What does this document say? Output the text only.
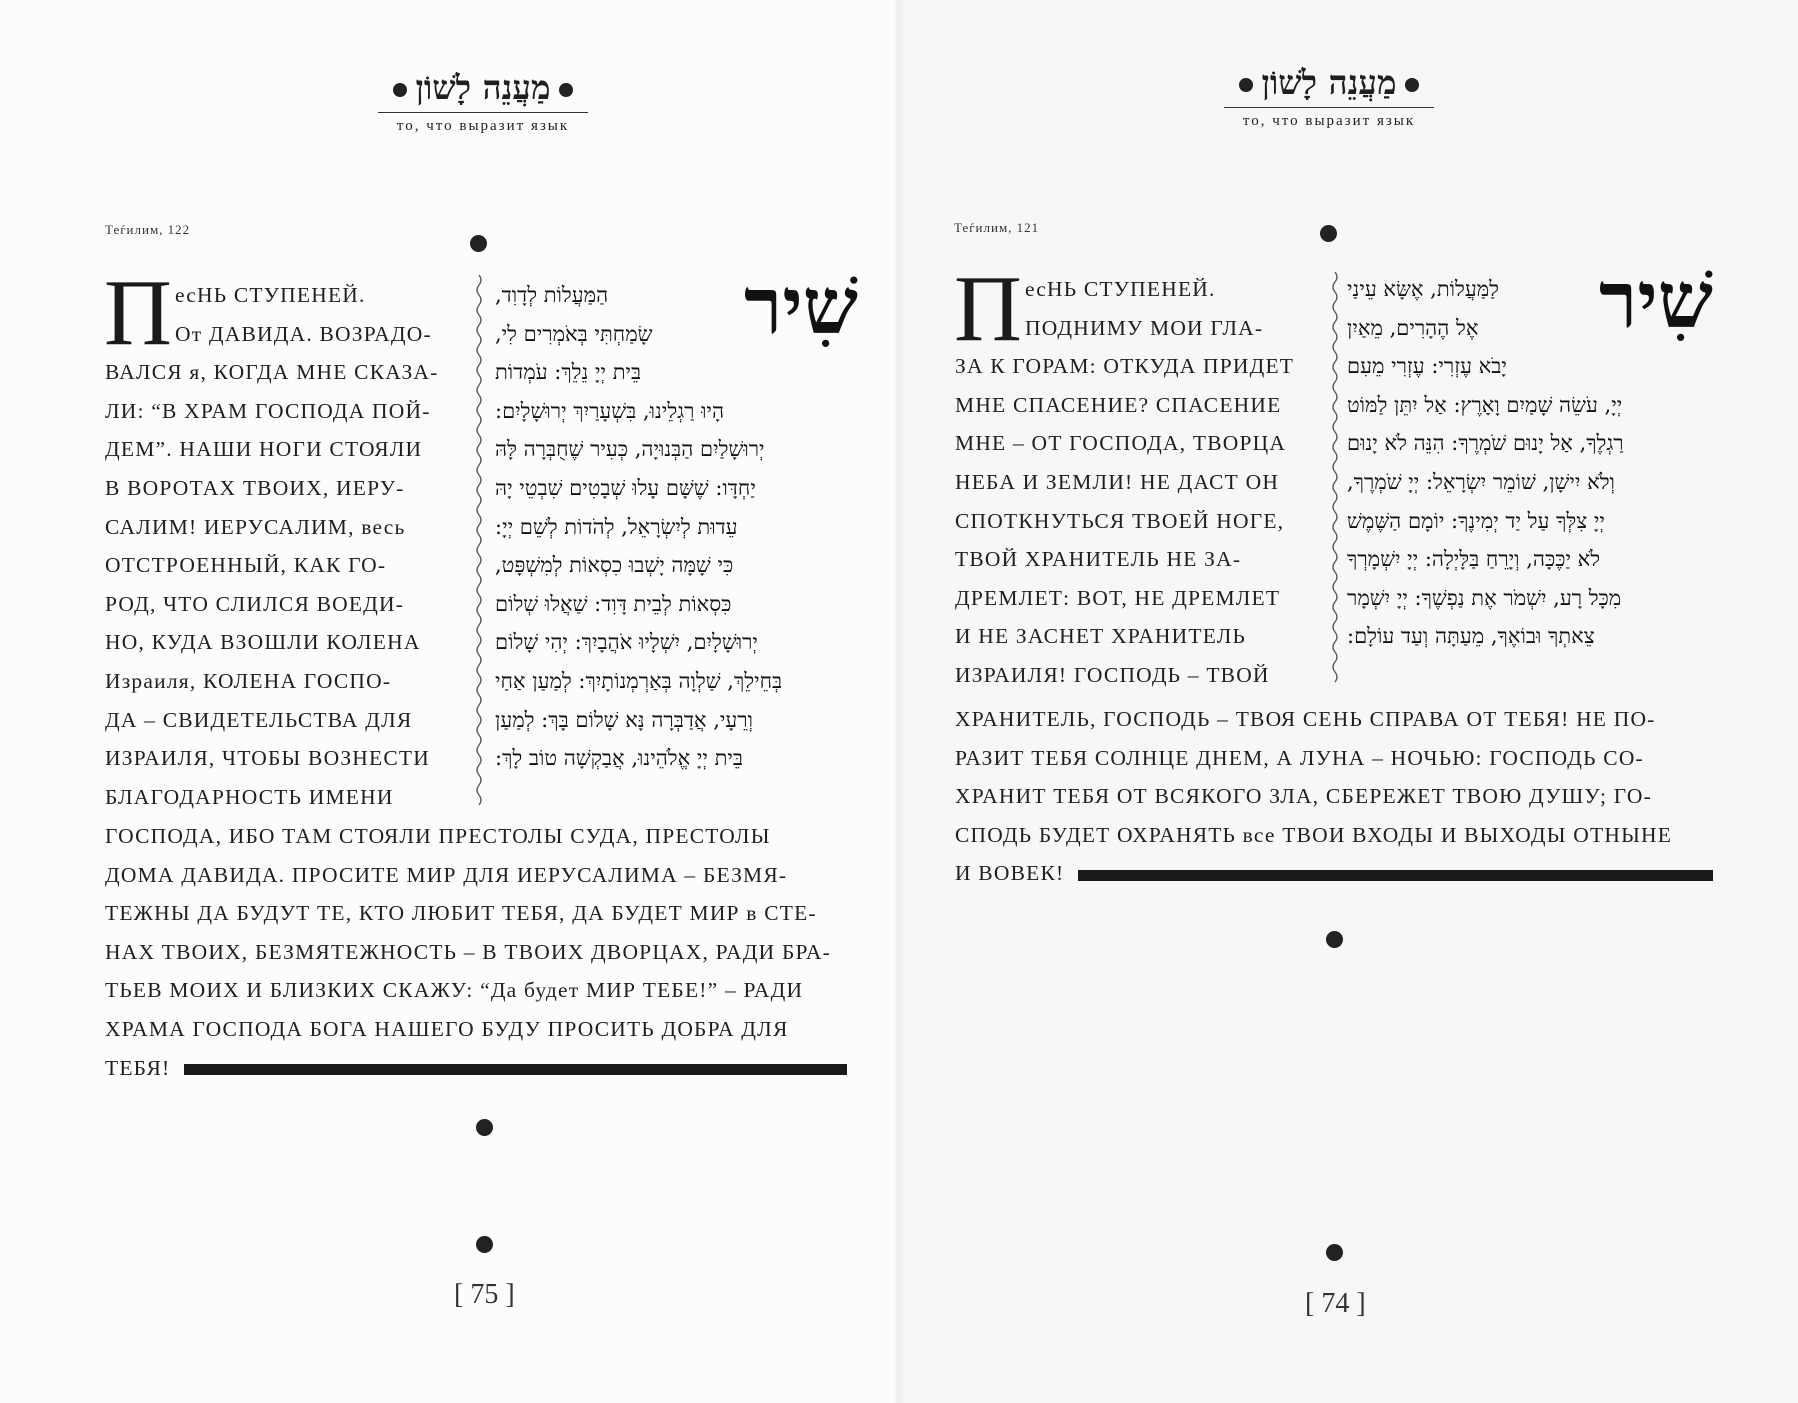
מַעֲנֵה לָשׁוֹן
то, что выразит язык
Теѓилим, 122
П есНЬ СТУПЕНЕЙ.
От ДАВИДА. ВОЗРАДО-
ВАЛСЯ я, КОГДА МНЕ СКАЗА-
ЛИ: “В ХРАМ ГОСПОДА ПОЙ-
ДЕМ”. НАШИ НОГИ СТОЯЛИ
В ВОРОТАХ ТВОИХ, ИЕРУ-
САЛИМ! ИЕРУСАЛИМ, весь
ОТСТРОЕННЫЙ, КАК ГО-
РОД, ЧТО СЛИЛСЯ ВОЕДИ-
НО, КУДА ВЗОШЛИ КОЛЕНА
Израиля, КОЛЕНА ГОСПО-
ДА – СВИДЕТЕЛЬСТВА ДЛЯ
ИЗРАИЛЯ, ЧТОБЫ ВОЗНЕСТИ
БЛАГОДАРНОСТЬ ИМЕНИ
שִׁיר
הַמַּעֲלוֹת לְדָוִד,
שָׂמַחְתִּי בְּאֹמְרִים לִי,
בֵּית יְיָ נֵלֵךְ: עֹמְדוֹת
הָיוּ רַגְלֵינוּ, בִּשְׁעָרַיִךְ יְרוּשָׁלָיִם:
יְרוּשָׁלַיִם הַבְּנוּיָה, כְּעִיר שֶׁחֻבְּרָה לָּהּ
יַחְדָּו: שֶׁשָּׁם עָלוּ שְׁבָטִים שִׁבְטֵי יָהּ
עֵדוּת לְיִשְׂרָאֵל, לְהֹדוֹת לְשֵׁם יְיָ:
כִּי שָׁמָּה יָשְׁבוּ כִסְאוֹת לְמִשְׁפָּט,
כִּסְאוֹת לְבֵית דָּוִד: שַׁאֲלוּ שְׁלוֹם
יְרוּשָׁלָיִם, יִשְׁלָיוּ אֹהֲבָיִךְ: יְהִי שָׁלוֹם
בְּחֵילֵךְ, שַׁלְוָה בְּאַרְמְנוֹתָיִךְ: לְמַעַן אַחַי
וְרֵעָי, אֲדַבְּרָה נָּא שָׁלוֹם בָּךְ: לְמַעַן
בֵּית יְיָ אֱלֹהֵינוּ, אֲבַקְשָׁה טוֹב לָךְ:
ГОСПОДА, ИБО ТАМ СТОЯЛИ ПРЕСТОЛЫ СУДА, ПРЕСТОЛЫ
ДОМА ДАВИДА. ПРОСИТЕ МИР ДЛЯ ИЕРУСАЛИМА – БЕЗМЯ-
ТЕЖНЫ ДА БУДУТ ТЕ, КТО ЛЮБИТ ТЕБЯ, ДА БУДЕТ МИР в СТЕ-
НАХ ТВОИХ, БЕЗМЯТЕЖНОСТЬ – В ТВОИХ ДВОРЦАХ, РАДИ БРА-
ТЬЕВ МОИХ И БЛИЗКИХ СКАЖУ: “Да будет МИР ТЕБЕ!” – РАДИ
ХРАМА ГОСПОДА БОГА НАШЕГО БУДУ ПРОСИТЬ ДОБРА ДЛЯ
ТЕБЯ!
[ 75 ]
מַעֲנֵה לָשׁוֹן
то, что выразит язык
Теѓилим, 121
П есНЬ СТУПЕНЕЙ.
ПОДНИМУ МОИ ГЛА-
ЗА К ГОРАМ: ОТКУДА ПРИДЕТ
МНЕ СПАСЕНИЕ? СПАСЕНИЕ
МНЕ – ОТ ГОСПОДА, ТВОРЦА
НЕБА И ЗЕМЛИ! НЕ ДАСТ ОН
СПОТКНУТЬСЯ ТВОЕЙ НОГЕ,
ТВОЙ ХРАНИТЕЛЬ НЕ ЗА-
ДРЕМЛЕТ: ВОТ, НЕ ДРЕМЛЕТ
И НЕ ЗАСНЕТ ХРАНИТЕЛЬ
ИЗРАИЛЯ! ГОСПОДЬ – ТВОЙ
שִׁיר
לַמַּעֲלוֹת, אֶשָּׂא עֵינַי
אֶל הֶהָרִים, מֵאַיִן
יָבֹא עֶזְרִי: עֶזְרִי מֵעִם
יְיָ, עֹשֵׂה שָׁמַיִם וָאָרֶץ: אַל יִתֵּן לַמּוֹט
רַגְלֶךָ, אַל יָנוּם שֹׁמְרֶךָ: הִנֵּה לֹא יָנוּם
וְלֹא יִישָׁן, שׁוֹמֵר יִשְׂרָאֵל: יְיָ שֹׁמְרֶךָ,
יְיָ צִלְּךָ עַל יַד יְמִינֶךָ: יוֹמָם הַשֶּׁמֶשׁ
לֹא יַכֶּכָּה, וְיָרֵחַ בַּלָּיְלָה: יְיָ יִשְׁמָרְךָ
מִכָּל רָע, יִשְׁמֹר אֶת נַפְשֶׁךָ: יְיָ יִשְׁמָר
צֵאתְךָ וּבוֹאֶךָ, מֵעַתָּה וְעַד עוֹלָם:
ХРАНИТЕЛЬ, ГОСПОДЬ – ТВОЯ СЕНЬ СПРАВА ОТ ТЕБЯ! НЕ ПО-
РАЗИТ ТЕБЯ СОЛНЦЕ ДНЕМ, А ЛУНА – НОЧЬЮ: ГОСПОДЬ СО-
ХРАНИТ ТЕБЯ ОТ ВСЯКОГО ЗЛА, СБЕРЕЖЕТ ТВОЮ ДУШУ; ГО-
СПОДЬ БУДЕТ ОХРАНЯТЬ все ТВОИ ВХОДЫ И ВЫХОДЫ ОТНЫНЕ
И ВОВЕК!
[ 74 ]
